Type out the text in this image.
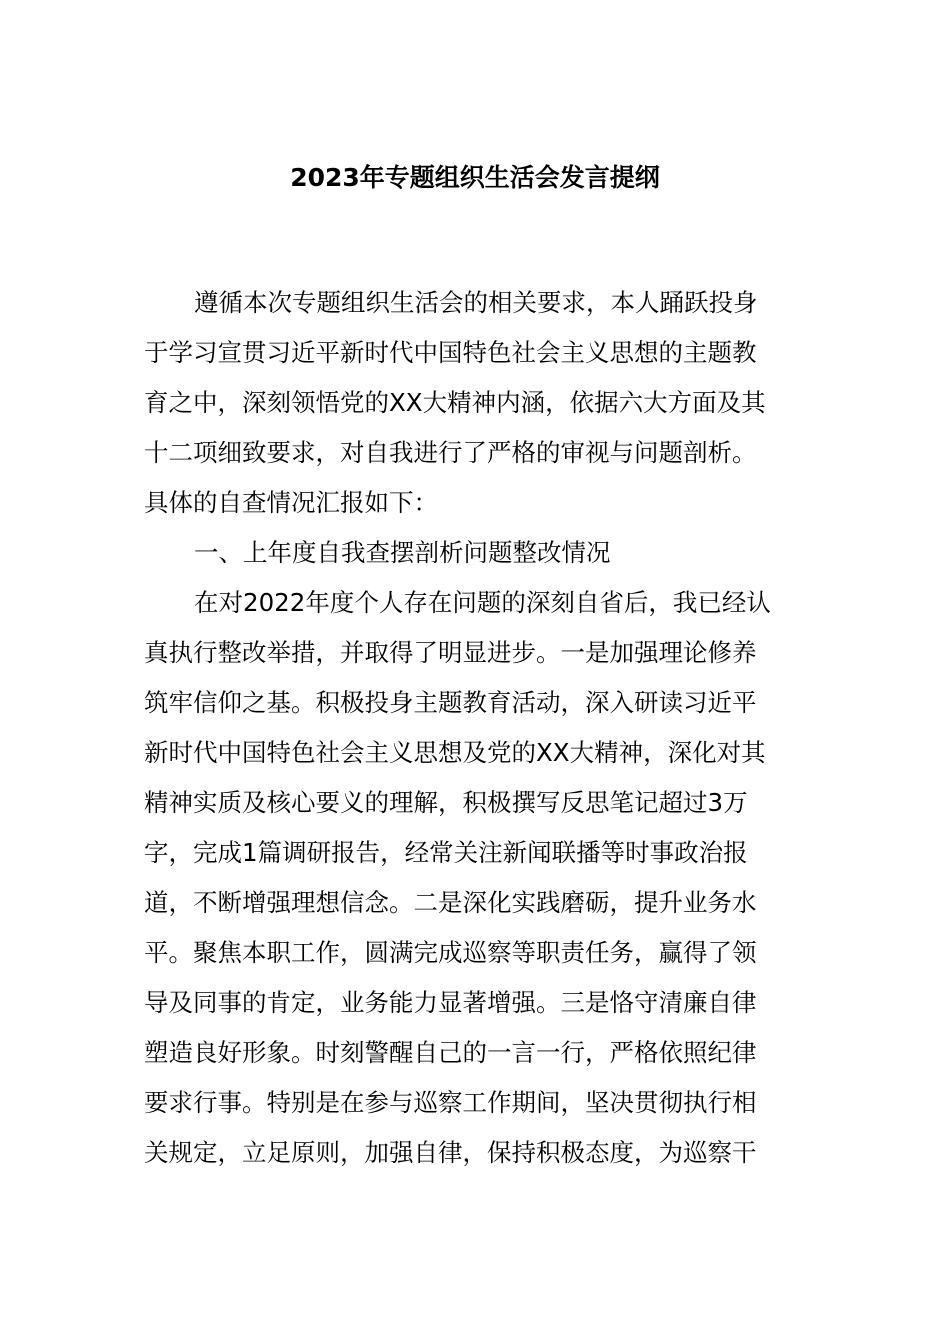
2023年专题组织生活会发言提纲

遵循本次专题组织生活会的相关要求，本人踊跃投身

于学习宣贯习近平新时代中国特色社会主义思想的主题教

育之中，深刻领悟党的XX大精神内涵，依据六大方面及其

十二项细致要求，对自我进行了严格的审视与问题剖析。

具体的自查情况汇报如下：

一、上年度自我查摆剖析问题整改情况

在对2022年度个人存在问题的深刻自省后，我已经认

真执行整改举措，并取得了明显进步。一是加强理论修养

筑牢信仰之基。积极投身主题教育活动，深入研读习近平

新时代中国特色社会主义思想及党的XX大精神，深化对其

精神实质及核心要义的理解，积极撰写反思笔记超过3万

字，完成1篇调研报告，经常关注新闻联播等时事政治报

道，不断增强理想信念。二是深化实践磨砺，提升业务水

平。聚焦本职工作，圆满完成巡察等职责任务，赢得了领

导及同事的肯定，业务能力显著增强。三是恪守清廉自律

塑造良好形象。时刻警醒自己的一言一行，严格依照纪律

要求行事。特别是在参与巡察工作期间，坚决贯彻执行相

关规定，立足原则，加强自律，保持积极态度，为巡察干
